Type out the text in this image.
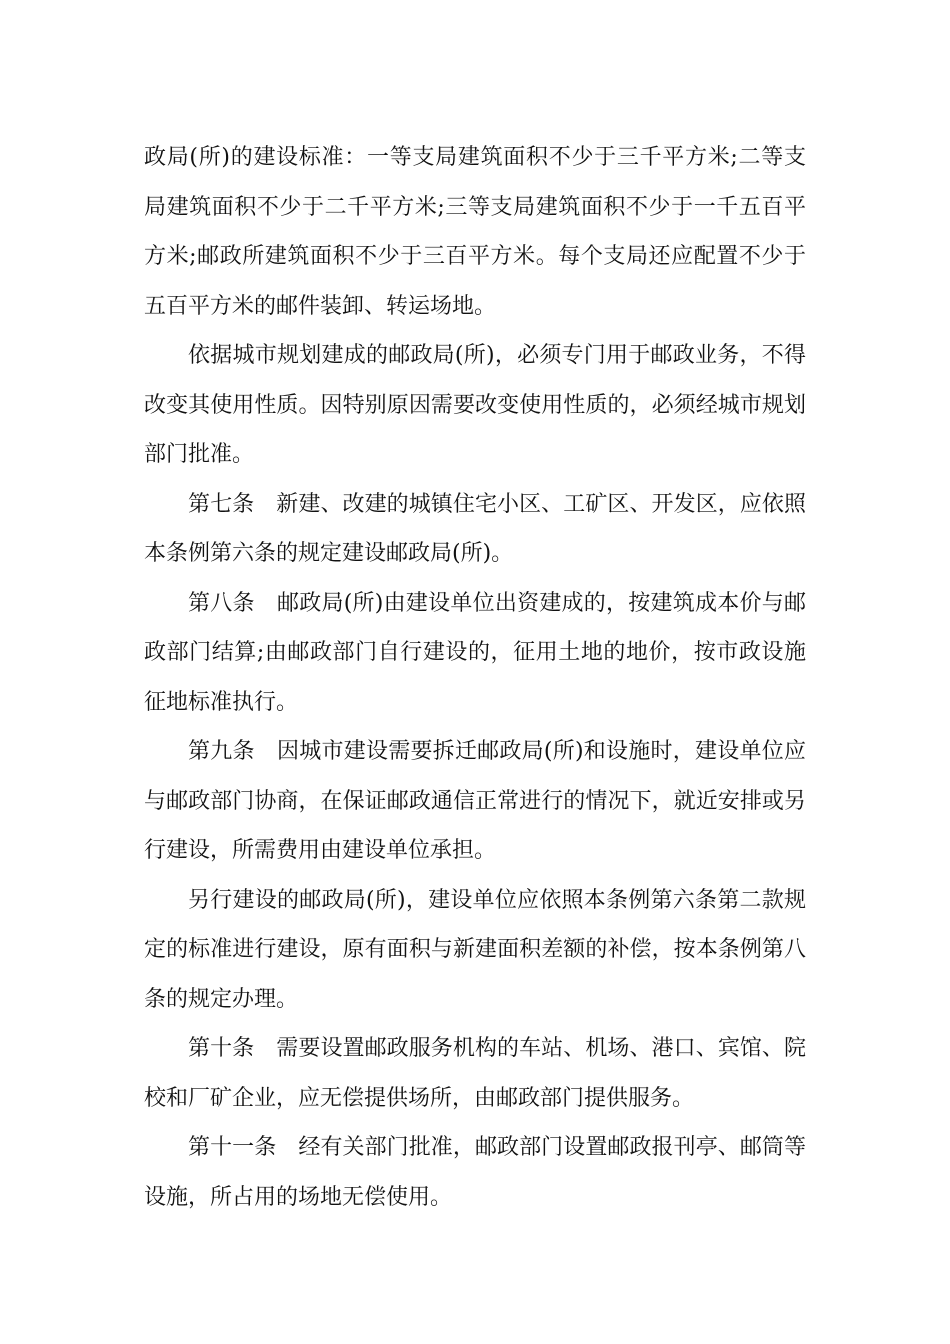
政局(所)的建设标准：一等支局建筑面积不少于三千平方米;二等支局建筑面积不少于二千平方米;三等支局建筑面积不少于一千五百平方米;邮政所建筑面积不少于三百平方米。每个支局还应配置不少于五百平方米的邮件装卸、转运场地。

依据城市规划建成的邮政局(所)，必须专门用于邮政业务，不得改变其使用性质。因特别原因需要改变使用性质的，必须经城市规划部门批准。

第七条　新建、改建的城镇住宅小区、工矿区、开发区，应依照本条例第六条的规定建设邮政局(所)。

第八条　邮政局(所)由建设单位出资建成的，按建筑成本价与邮政部门结算;由邮政部门自行建设的，征用土地的地价，按市政设施征地标准执行。

第九条　因城市建设需要拆迁邮政局(所)和设施时，建设单位应与邮政部门协商，在保证邮政通信正常进行的情况下，就近安排或另行建设，所需费用由建设单位承担。

另行建设的邮政局(所)，建设单位应依照本条例第六条第二款规定的标准进行建设，原有面积与新建面积差额的补偿，按本条例第八条的规定办理。

第十条　需要设置邮政服务机构的车站、机场、港口、宾馆、院校和厂矿企业，应无偿提供场所，由邮政部门提供服务。

第十一条　经有关部门批准，邮政部门设置邮政报刊亭、邮筒等设施，所占用的场地无偿使用。
